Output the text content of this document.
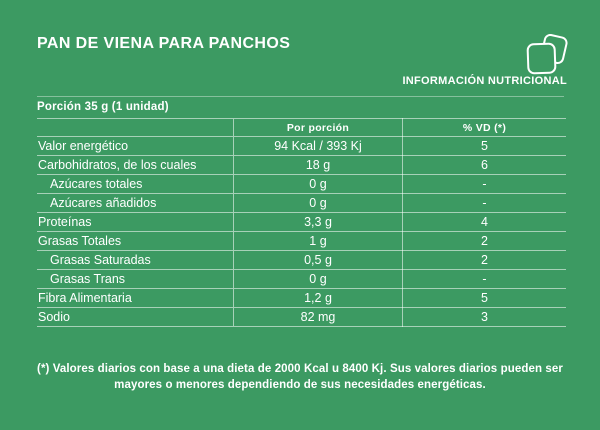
PAN DE VIENA PARA PANCHOS
INFORMACIÓN NUTRICIONAL
Porción 35 g (1 unidad)
	Por porción	% VD (*)
Valor energético	94 Kcal / 393 Kj	5
Carbohidratos, de los cuales	18 g	6
Azúcares totales	0 g	-
Azúcares añadidos	0 g	-
Proteínas	3,3 g	4
Grasas Totales	1 g	2
Grasas Saturadas	0,5 g	2
Grasas Trans	0 g	-
Fibra Alimentaria	1,2 g	5
Sodio	82 mg	3
(*) Valores diarios con base a una dieta de 2000 Kcal u 8400 Kj. Sus valores diarios pueden ser
mayores o menores dependiendo de sus necesidades energéticas.
